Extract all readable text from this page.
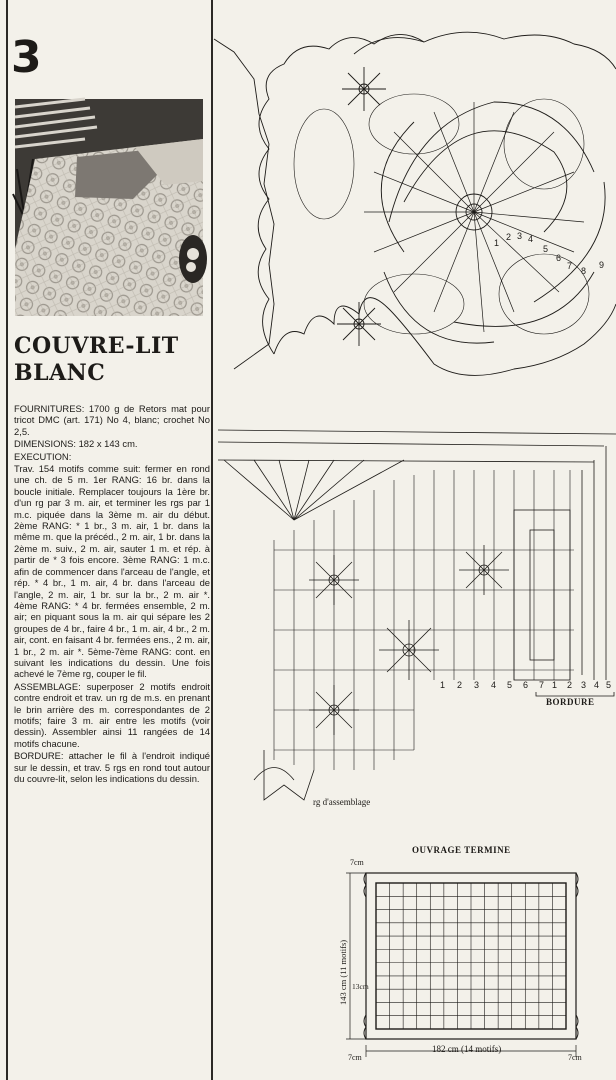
3
COUVRE-LIT
BLANC

FOURNITURES: 1700 g de Retors mat pour tricot DMC (art. 171) No 4, blanc; crochet No 2,5.

DIMENSIONS: 182 x 143 cm.

EXECUTION:

Trav. 154 motifs comme suit: fermer en rond une ch. de 5 m. 1er RANG: 16 br. dans la boucle initiale. Remplacer toujours la 1ère br. d'un rg par 3 m. air, et terminer les rgs par 1 m.c. piquée dans la 3ème m. air du début. 2ème RANG: * 1 br., 3 m. air, 1 br. dans la même m. que la précéd., 2 m. air, 1 br. dans la 2ème m. suiv., 2 m. air, sauter 1 m. et rép. à partir de * 3 fois encore. 3ème RANG: 1 m.c. afin de commencer dans l'arceau de l'angle, et rép. * 4 br., 1 m. air, 4 br. dans l'arceau de l'angle, 2 m. air, 1 br. sur la br., 2 m. air *. 4ème RANG: * 4 br. fermées ensemble, 2 m. air; en piquant sous la m. air qui sépare les 2 groupes de 4 br., faire 4 br., 1 m. air, 4 br., 2 m. air, cont. en faisant 4 br. fermées ens., 2 m. air, 1 br., 2 m. air *. 5ème-7ème RANG: cont. en suivant les indications du dessin. Une fois achevé le 7ème rg, couper le fil.

ASSEMBLAGE: superposer 2 motifs endroit contre endroit et trav. un rg de m.s. en prenant le brin arrière des m. correspondantes de 2 motifs; faire 3 m. air entre les motifs (voir dessin). Assembler ainsi 11 rangées de 14 motifs chacune.

BORDURE: attacher le fil à l'endroit indiqué sur le dessin, et trav. 5 rgs en rond tout autour du couvre-lit, selon les indications du dessin.

1
2 3 4
5
6
7 8
9
1 2 3 4 5 6 7 1 2 3 4 5
BORDURE
rg d'assemblage
OUVRAGE TERMINE
143 cm (11 motifs)
182 cm (14 motifs)
7cm
13cm
7cm	7cm
